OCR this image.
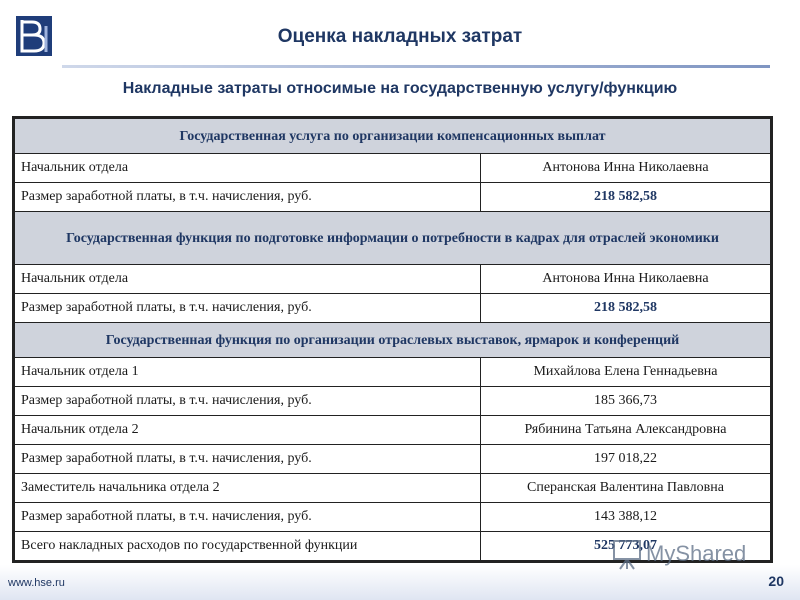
Оценка накладных затрат
Накладные затраты относимые на государственную услугу/функцию
Государственная услуга по организации компенсационных выплат	
Начальник отдела	Антонова Инна Николаевна
Размер заработной платы, в т.ч. начисления, руб.	218 582,58
Государственная функция по подготовке информации о потребности в кадрах для отраслей экономики	
Начальник отдела	Антонова Инна Николаевна
Размер заработной платы, в т.ч. начисления, руб.	218 582,58
Государственная функция по организации отраслевых выставок, ярмарок и конференций	
Начальник отдела 1	Михайлова Елена Геннадьевна
Размер заработной платы, в т.ч. начисления, руб.	185 366,73
Начальник отдела 2	Рябинина Татьяна Александровна
Размер заработной платы, в т.ч. начисления, руб.	197 018,22
Заместитель начальника отдела 2	Сперанская Валентина Павловна
Размер заработной платы, в т.ч. начисления, руб.	143 388,12
Всего накладных расходов по государственной функции	525 773,07
www.hse.ru	20
MyShared
